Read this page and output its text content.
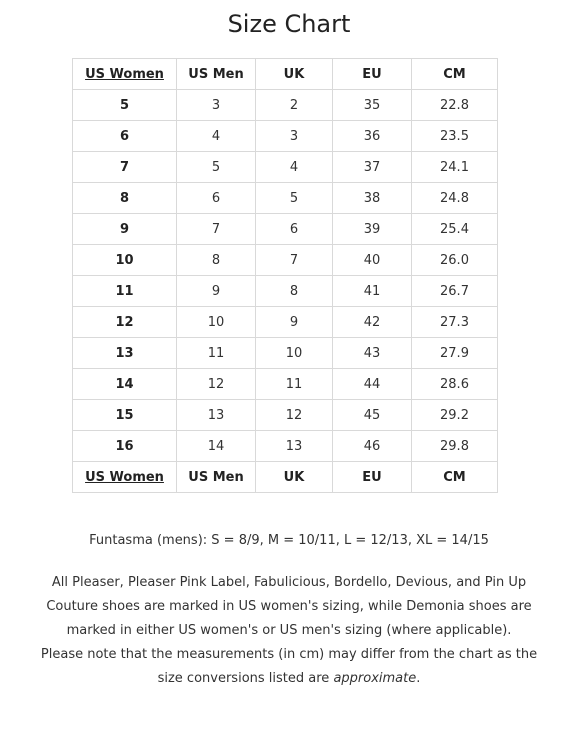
Size Chart
US Women	US Men	UK	EU	CM
5	3	2	35	22.8
6	4	3	36	23.5
7	5	4	37	24.1
8	6	5	38	24.8
9	7	6	39	25.4
10	8	7	40	26.0
11	9	8	41	26.7
12	10	9	42	27.3
13	11	10	43	27.9
14	12	11	44	28.6
15	13	12	45	29.2
16	14	13	46	29.8
US Women	US Men	UK	EU	CM

Funtasma (mens): S = 8/9, M = 10/11, L = 12/13, XL = 14/15

All Pleaser, Pleaser Pink Label, Fabulicious, Bordello, Devious, and Pin Up Couture shoes are marked in US women's sizing, while Demonia shoes are marked in either US women's or US men's sizing (where applicable).

Please note that the measurements (in cm) may differ from the chart as the size conversions listed are approximate.
